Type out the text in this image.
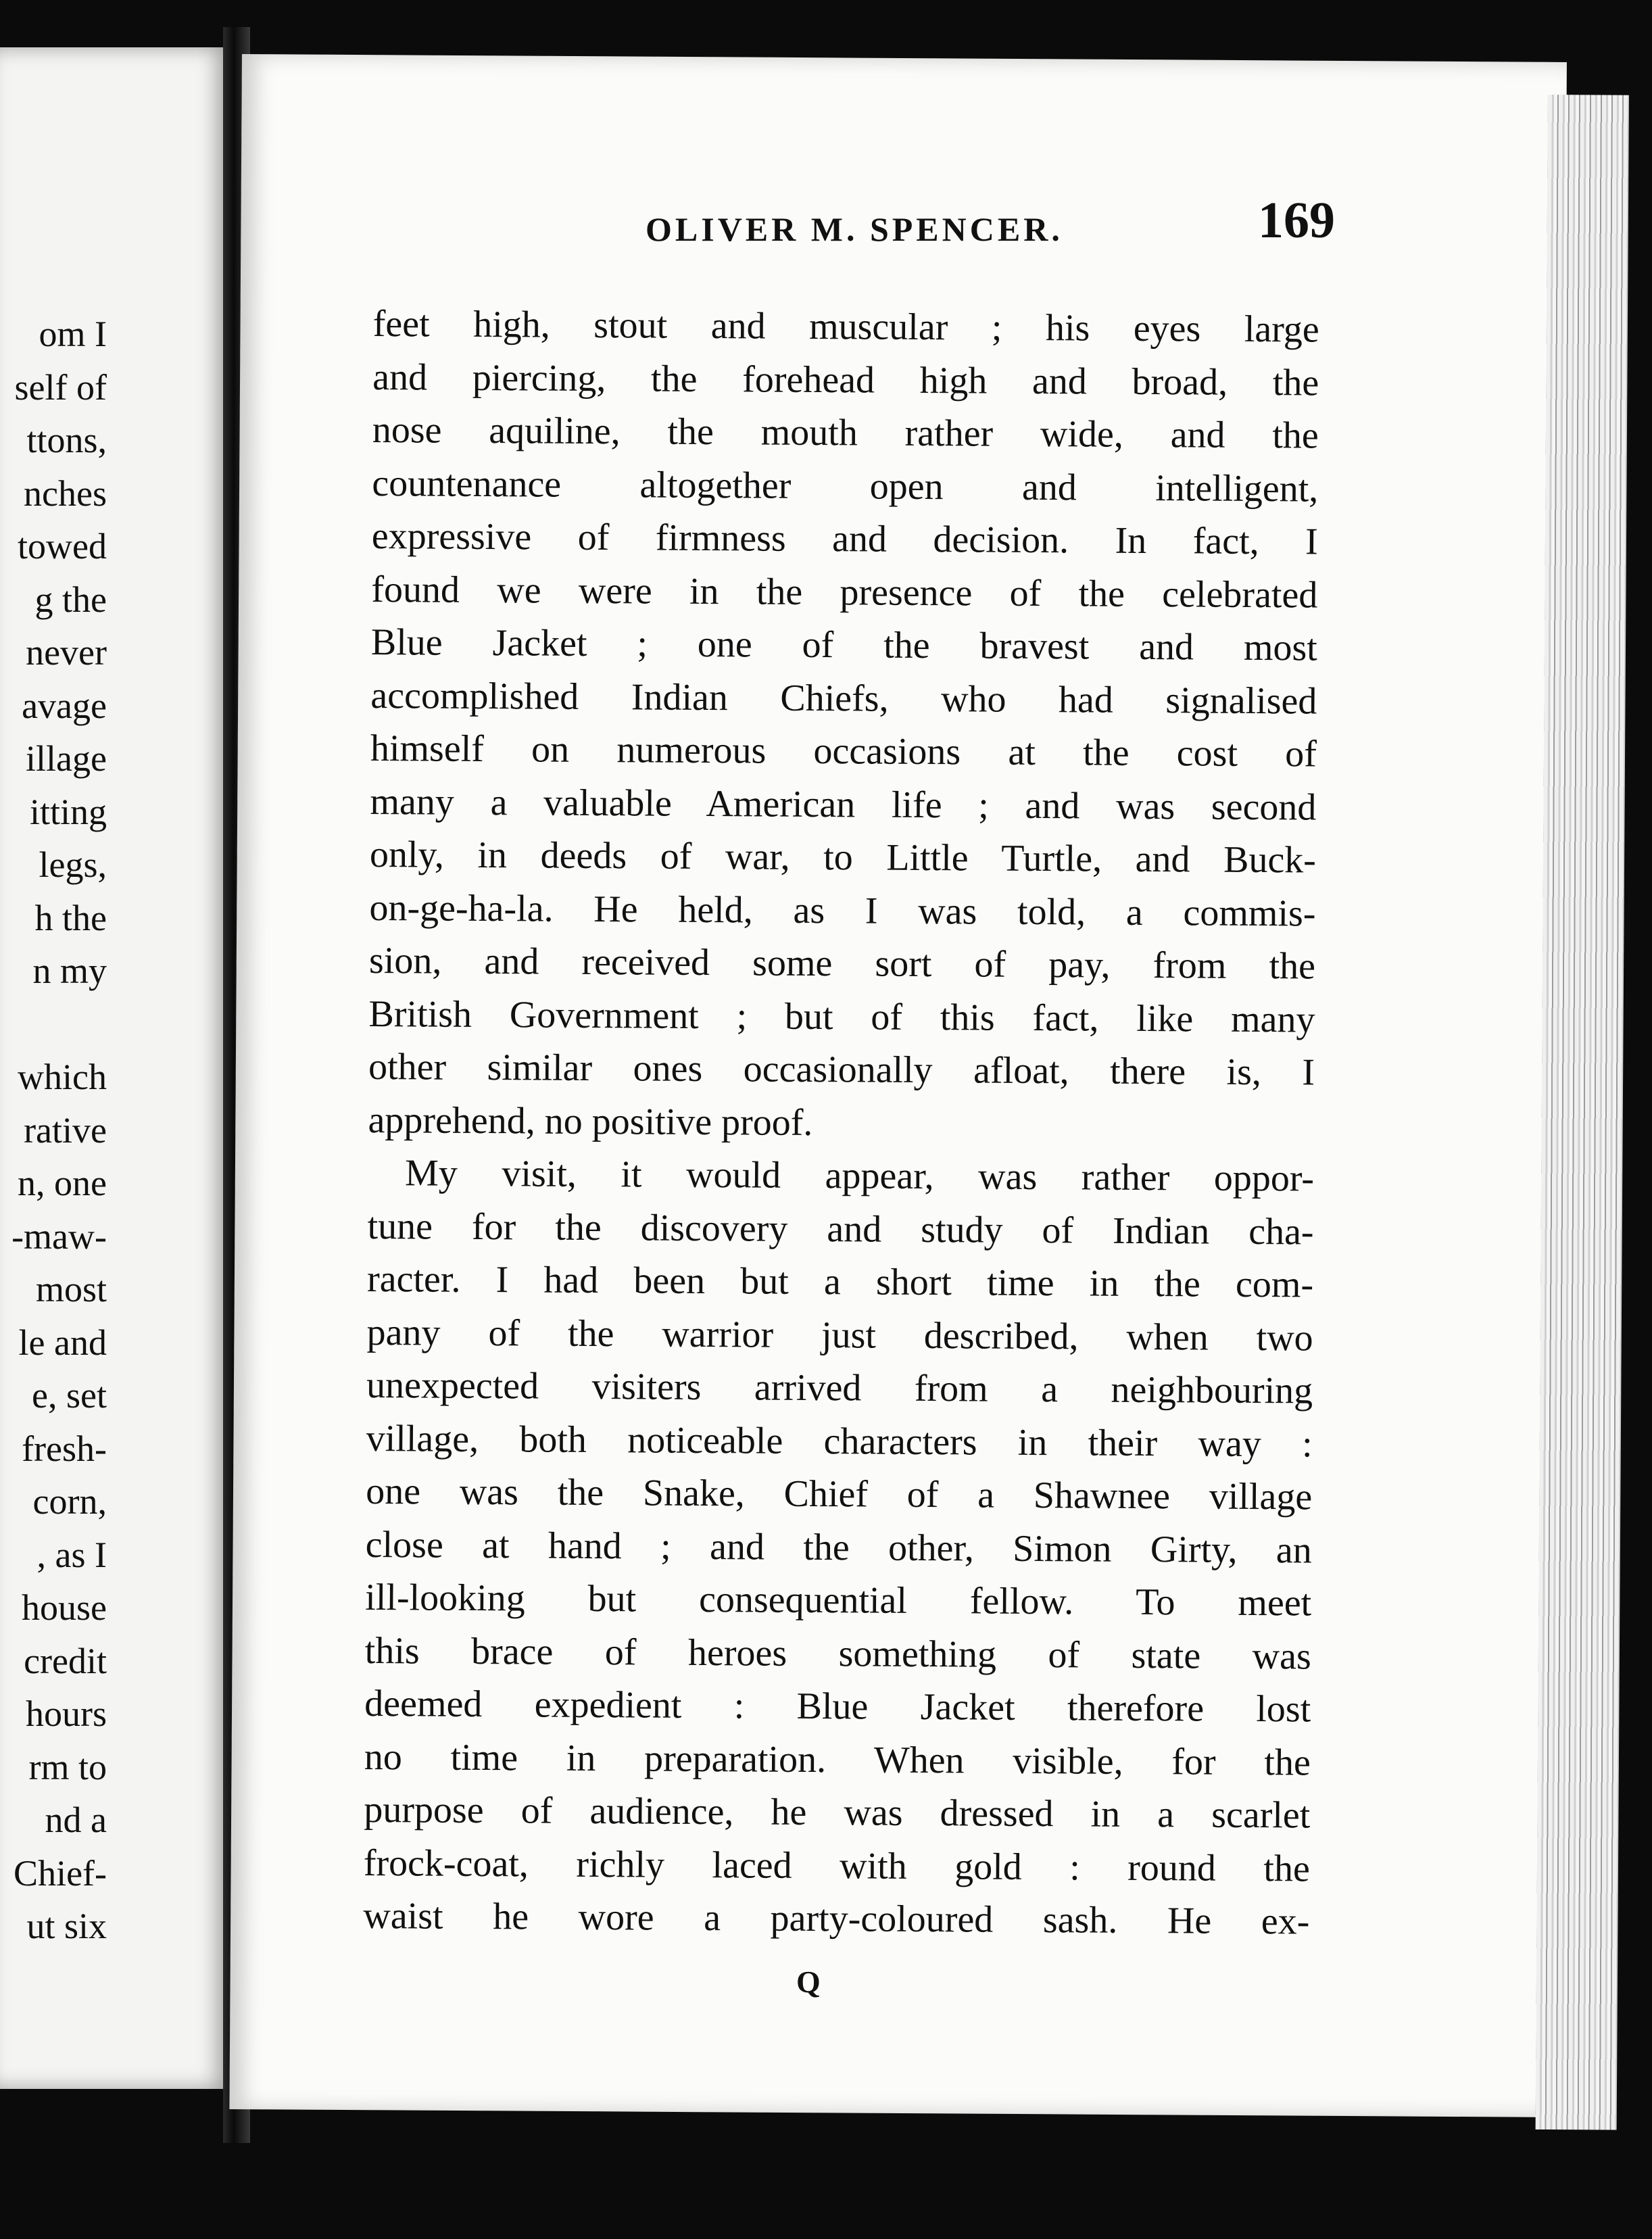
om I
self of
ttons,
nches
towed
g the
never
avage
illage
itting
legs,
h the
n my
which
rative
n, one
-maw-
most
le and
e, set
fresh-
corn,
, as I
house
credit
hours
rm to
nd a
Chief-
ut six
OLIVER M. SPENCER.	169
feet high, stout and muscular ; his eyes large
and piercing, the forehead high and broad, the
nose aquiline, the mouth rather wide, and the
countenance altogether open and intelligent,
expressive of firmness and decision. In fact, I
found we were in the presence of the celebrated
Blue Jacket ; one of the bravest and most
accomplished Indian Chiefs, who had signalised
himself on numerous occasions at the cost of
many a valuable American life ; and was second
only, in deeds of war, to Little Turtle, and Buck-
on-ge-ha-la. He held, as I was told, a commis-
sion, and received some sort of pay, from the
British Government ; but of this fact, like many
other similar ones occasionally afloat, there is, I
apprehend, no positive proof.
My visit, it would appear, was rather oppor-
tune for the discovery and study of Indian cha-
racter. I had been but a short time in the com-
pany of the warrior just described, when two
unexpected visiters arrived from a neighbouring
village, both noticeable characters in their way :
one was the Snake, Chief of a Shawnee village
close at hand ; and the other, Simon Girty, an
ill-looking but consequential fellow. To meet
this brace of heroes something of state was
deemed expedient : Blue Jacket therefore lost
no time in preparation. When visible, for the
purpose of audience, he was dressed in a scarlet
frock-coat, richly laced with gold : round the
waist he wore a party-coloured sash. He ex-
Q
